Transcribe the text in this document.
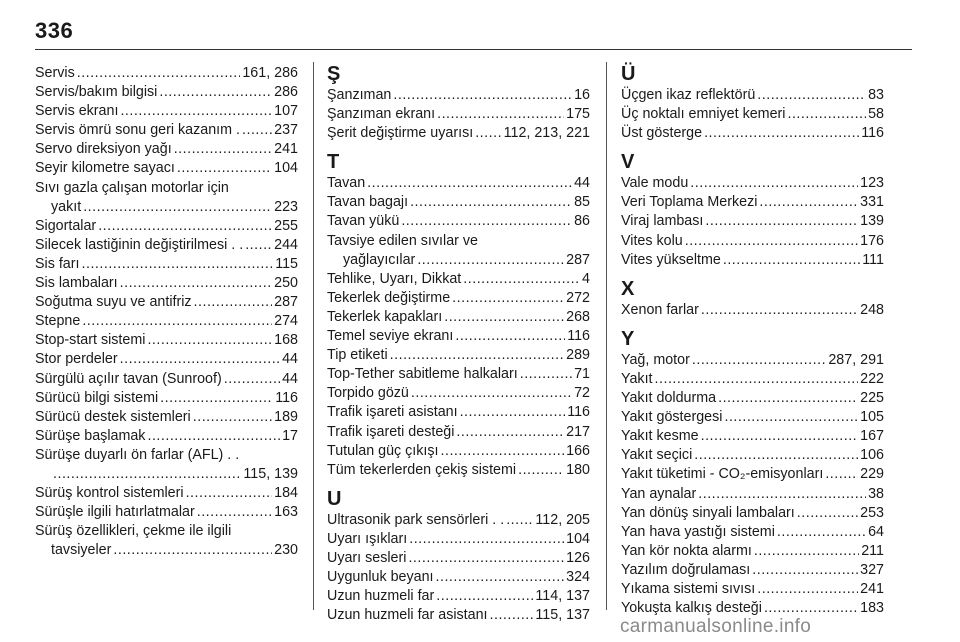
336
Servis .....	161, 286
Servis/bakım bilgisi .....	286
Servis ekranı .....	107
Servis ömrü sonu geri kazanım . ..... 237
Servo direksiyon yağı .....	241
Seyir kilometre sayacı .....	104
Sıvı gazla çalışan motorlar için
yakıt .....	223
Sigortalar .....	255
Silecek lastiğinin değiştirilmesi . . ..... 244
Sis farı .....	115
Sis lambaları .....	250
Soğutma suyu ve antifriz .....	287
Stepne .....	274
Stop-start sistemi .....	168
Stor perdeler .....	44
Sürgülü açılır tavan (Sunroof) .....	44
Sürücü bilgi sistemi .....	116
Sürücü destek sistemleri .....	189
Sürüşe başlamak .....	17
Sürüşe duyarlı ön farlar (AFL) . .
.....
115, 139
Sürüş kontrol sistemleri .....	184
Sürüşle ilgili hatırlatmalar .....	163
Sürüş özellikleri, çekme ile ilgili
tavsiyeler .....	230
Ş
Şanzıman .....	16
Şanzıman ekranı .....	175
Şerit değiştirme uyarısı ..... 112, 213, 221
T
Tavan .....	44
Tavan bagajı .....	85
Tavan yükü .....	86
Tavsiye edilen sıvılar ve
yağlayıcılar .....	287
Tehlike, Uyarı, Dikkat .....	4
Tekerlek değiştirme .....	272
Tekerlek kapakları .....	268
Temel seviye ekranı .....	116
Tip etiketi .....	289
Top-Tether sabitleme halkaları .....	71
Torpido gözü .....	72
Trafik işareti asistanı .....	116
Trafik işareti desteği .....	217
Tutulan güç çıkışı .....	166
Tüm tekerlerden çekiş sistemi .....	180
U
Ultrasonik park sensörleri . . ..... 112, 205
Uyarı ışıkları .....	104
Uyarı sesleri .....	126
Uygunluk beyanı .....	324
Uzun huzmeli far .....	114, 137
Uzun huzmeli far asistanı .....	115, 137
Ü
Üçgen ikaz reflektörü .....	83
Üç noktalı emniyet kemeri .....	58
Üst gösterge .....	116
V
Vale modu .....	123
Veri Toplama Merkezi .....	331
Viraj lambası .....	139
Vites kolu .....	176
Vites yükseltme .....	111
X
Xenon farlar .....	248
Y
Yağ, motor .....	287, 291
Yakıt .....	222
Yakıt doldurma .....	225
Yakıt göstergesi .....	105
Yakıt kesme .....	167
Yakıt seçici .....	106
Yakıt tüketimi - CO₂-emisyonları .....	229
Yan aynalar .....	38
Yan dönüş sinyali lambaları .....	253
Yan hava yastığı sistemi .....	64
Yan kör nokta alarmı .....	211
Yazılım doğrulaması .....	327
Yıkama sistemi sıvısı .....	241
Yokuşta kalkış desteği .....	183
carmanualsonline.info
